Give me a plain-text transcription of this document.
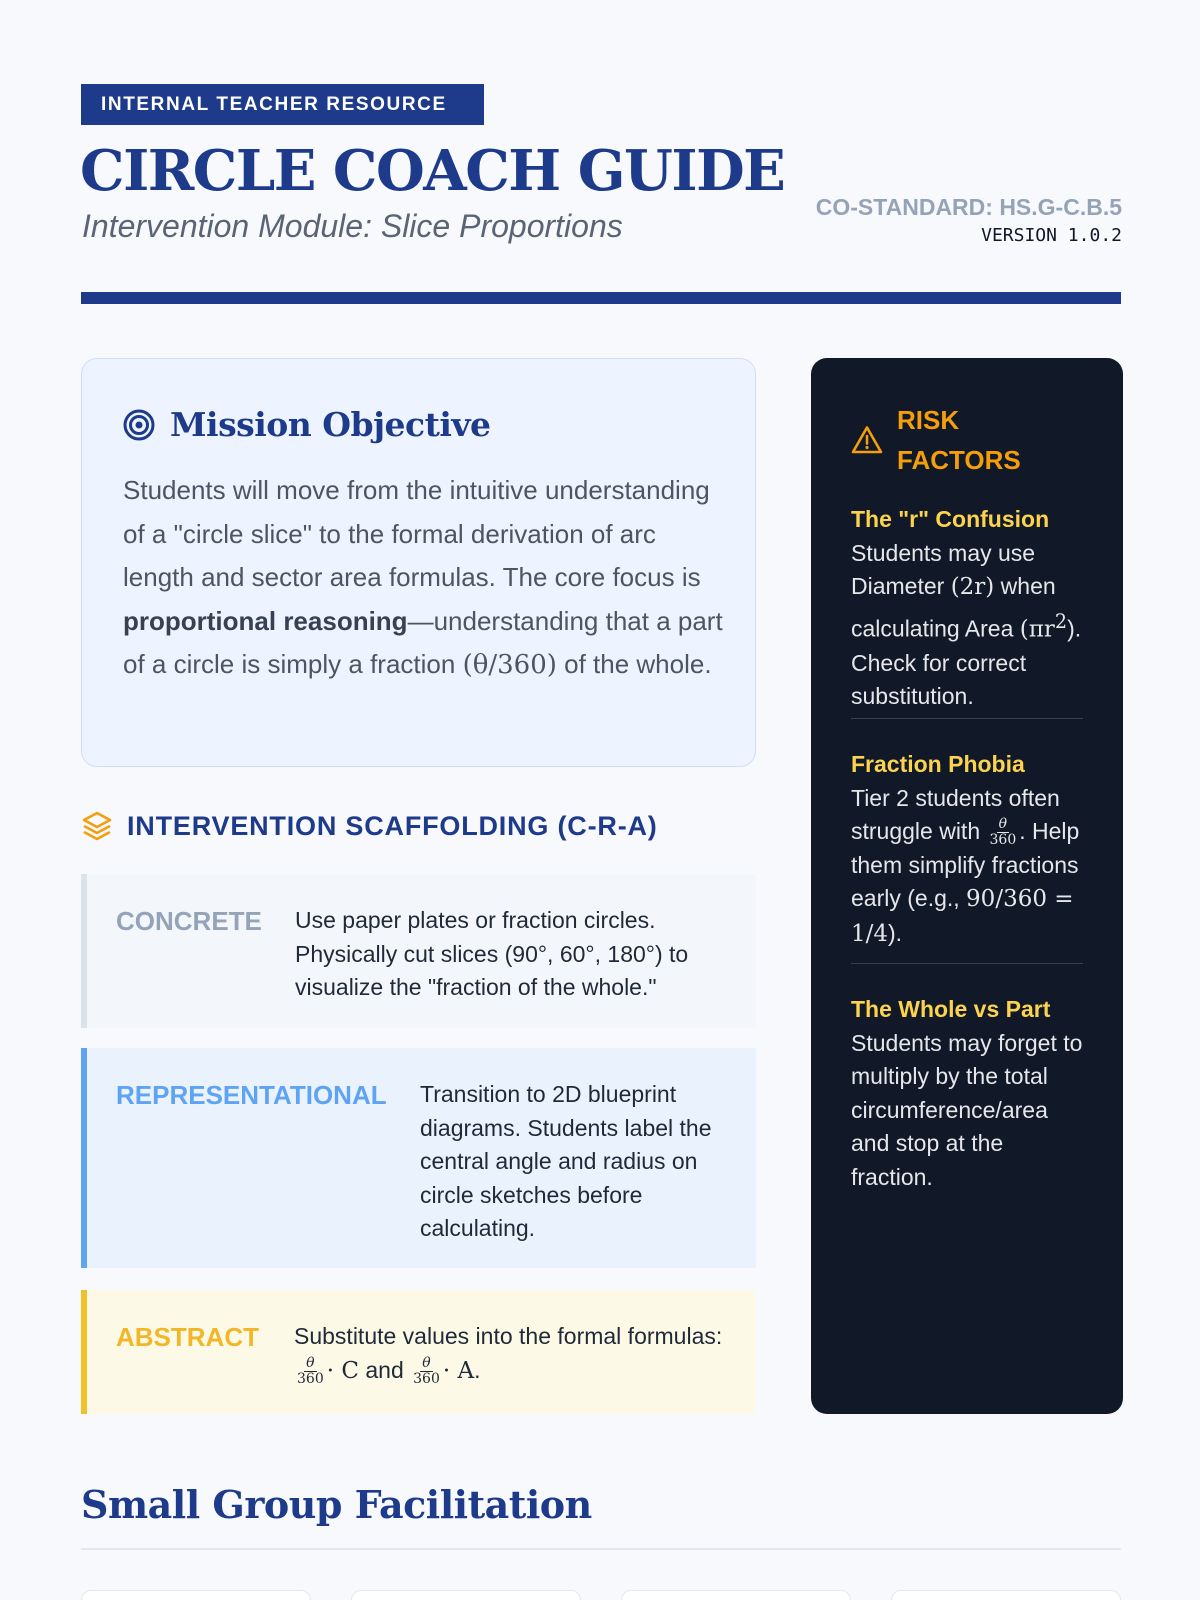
INTERNAL TEACHER RESOURCE
CIRCLE COACH GUIDE
Intervention Module: Slice Proportions
CO-STANDARD: HS.G-C.B.5
VERSION 1.0.2
Mission Objective

Students will move from the intuitive understanding of a "circle slice" to the formal derivation of arc length and sector area formulas. The core focus is proportional reasoning—understanding that a part of a circle is simply a fraction (θ/360) of the whole.

INTERVENTION SCAFFOLDING (C-R-A)
CONCRETE Use paper plates or fraction circles. Physically cut slices (90°, 60°, 180°) to visualize the "fraction of the whole."
REPRESENTATIONAL Transition to 2D blueprint diagrams. Students label the central angle and radius on circle sketches before calculating.
ABSTRACT Substitute values into the formal formulas:
$\frac{\theta}{360} \cdot C$ and $\frac{\theta}{360} \cdot A$.
RISK FACTORS
The "r" Confusion
Students may use Diameter (2r) when calculating Area $(\pi r^2)$. Check for correct substitution.
Fraction Phobia
Tier 2 students often struggle with $\frac{\theta}{360}$ . Help them simplify fractions early (e.g., 90/360 = 1/4).
The Whole vs Part
Students may forget to multiply by the total circumference/area and stop at the fraction.
Small Group Facilitation
